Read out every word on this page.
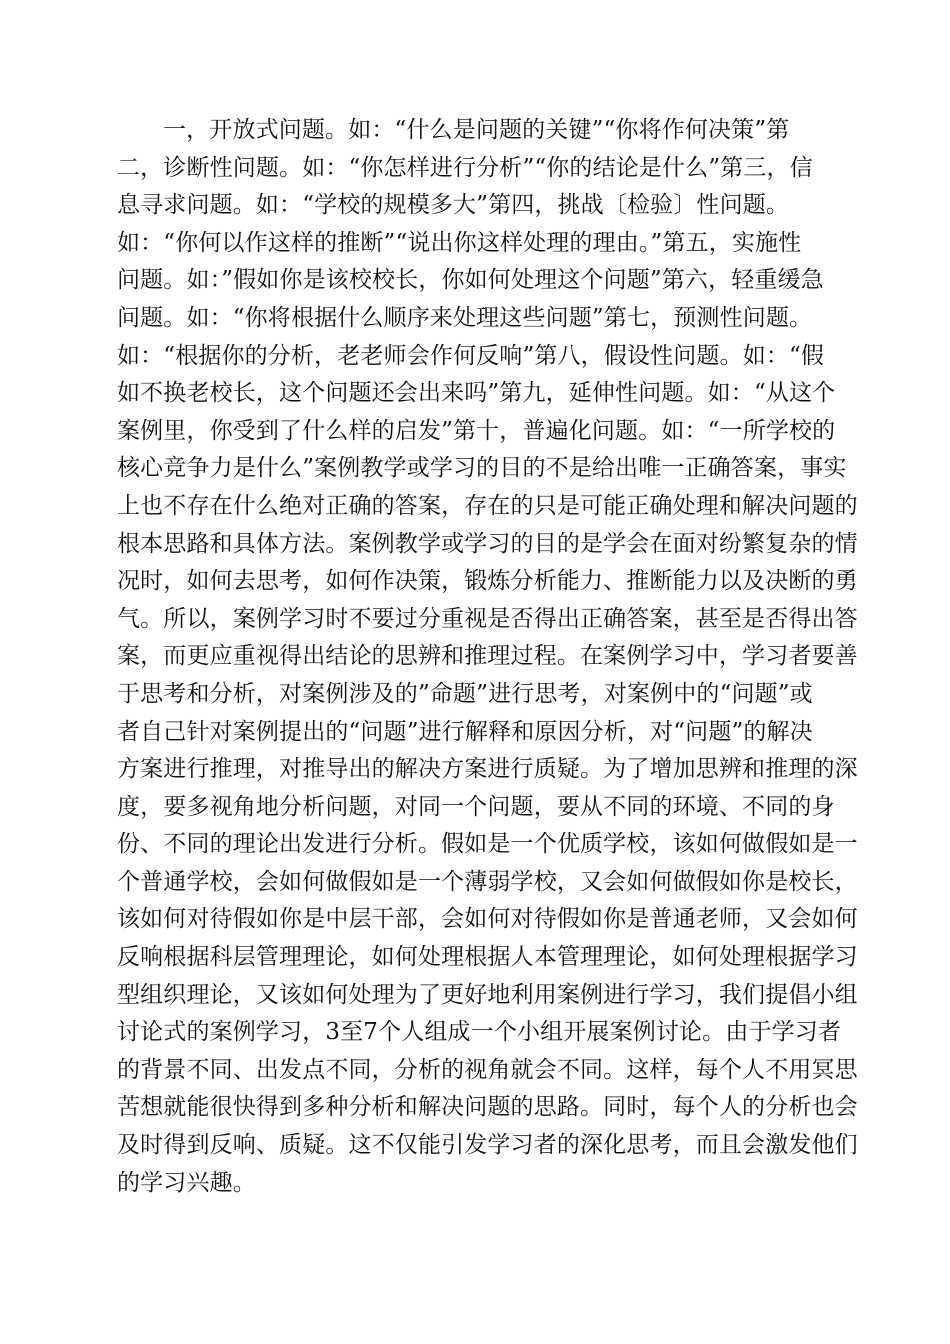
一，开放式问题。如：“什么是问题的关键”“你将作何决策”第
二，诊断性问题。如：“你怎样进行分析”“你的结论是什么”第三，信
息寻求问题。如：“学校的规模多大”第四，挑战〔检验〕性问题。
如：“你何以作这样的推断”“说出你这样处理的理由。”第五，实施性
问题。如：”假如你是该校校长，你如何处理这个问题”第六，轻重缓急
问题。如：“你将根据什么顺序来处理这些问题”第七，预测性问题。
如：“根据你的分析，老老师会作何反响”第八，假设性问题。如：“假
如不换老校长，这个问题还会出来吗”第九，延伸性问题。如：“从这个
案例里，你受到了什么样的启发”第十，普遍化问题。如：“一所学校的
核心竞争力是什么”案例教学或学习的目的不是给出唯一正确答案，事实
上也不存在什么绝对正确的答案，存在的只是可能正确处理和解决问题的
根本思路和具体方法。案例教学或学习的目的是学会在面对纷繁复杂的情
况时，如何去思考，如何作决策，锻炼分析能力、推断能力以及决断的勇
气。所以，案例学习时不要过分重视是否得出正确答案，甚至是否得出答
案，而更应重视得出结论的思辨和推理过程。在案例学习中，学习者要善
于思考和分析，对案例涉及的”命题”进行思考，对案例中的“问题”或
者自己针对案例提出的“问题”进行解释和原因分析，对“问题”的解决
方案进行推理，对推导出的解决方案进行质疑。为了增加思辨和推理的深
度，要多视角地分析问题，对同一个问题，要从不同的环境、不同的身
份、不同的理论出发进行分析。假如是一个优质学校，该如何做假如是一
个普通学校，会如何做假如是一个薄弱学校，又会如何做假如你是校长，
该如何对待假如你是中层干部，会如何对待假如你是普通老师，又会如何
反响根据科层管理理论，如何处理根据人本管理理论，如何处理根据学习
型组织理论，又该如何处理为了更好地利用案例进行学习，我们提倡小组
讨论式的案例学习，3至7个人组成一个小组开展案例讨论。由于学习者
的背景不同、出发点不同，分析的视角就会不同。这样，每个人不用冥思
苦想就能很快得到多种分析和解决问题的思路。同时，每个人的分析也会
及时得到反响、质疑。这不仅能引发学习者的深化思考，而且会激发他们
的学习兴趣。
